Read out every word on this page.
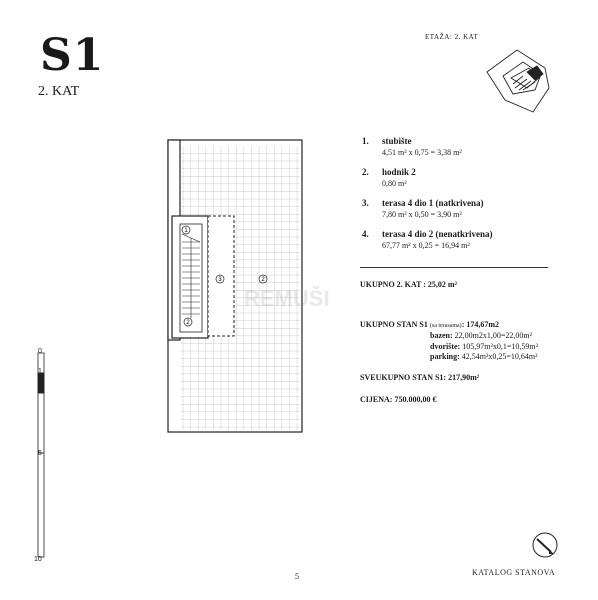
S1
2. KAT
ETAŽA: 2. KAT
1
2
3	2
REMUŠI
1.	stubište
4,51 m² x 0,75 = 3,38 m²
2.	hodnik 2
0,80 m²
3.	terasa 4 dio 1 (natkrivena)
7,80 m² x 0,50 = 3,90 m²
4.	terasa 4 dio 2 (nenatkrivena)
67,77 m² x 0,25 = 16,94 m²
UKUPNO 2. KAT : 25,02 m²
UKUPNO STAN S1 (sa terasama): 174,67m2
bazen: 22,00m2x1,00=22,00m²
dvorište: 105,97m²x0,1=10,59m²
parking: 42,54m²x0,25=10,64m²
SVEUKUPNO STAN S1: 217,90m²
CIJENA: 750.000,00 €
0
1
2
5
10
KATALOG STANOVA
5
